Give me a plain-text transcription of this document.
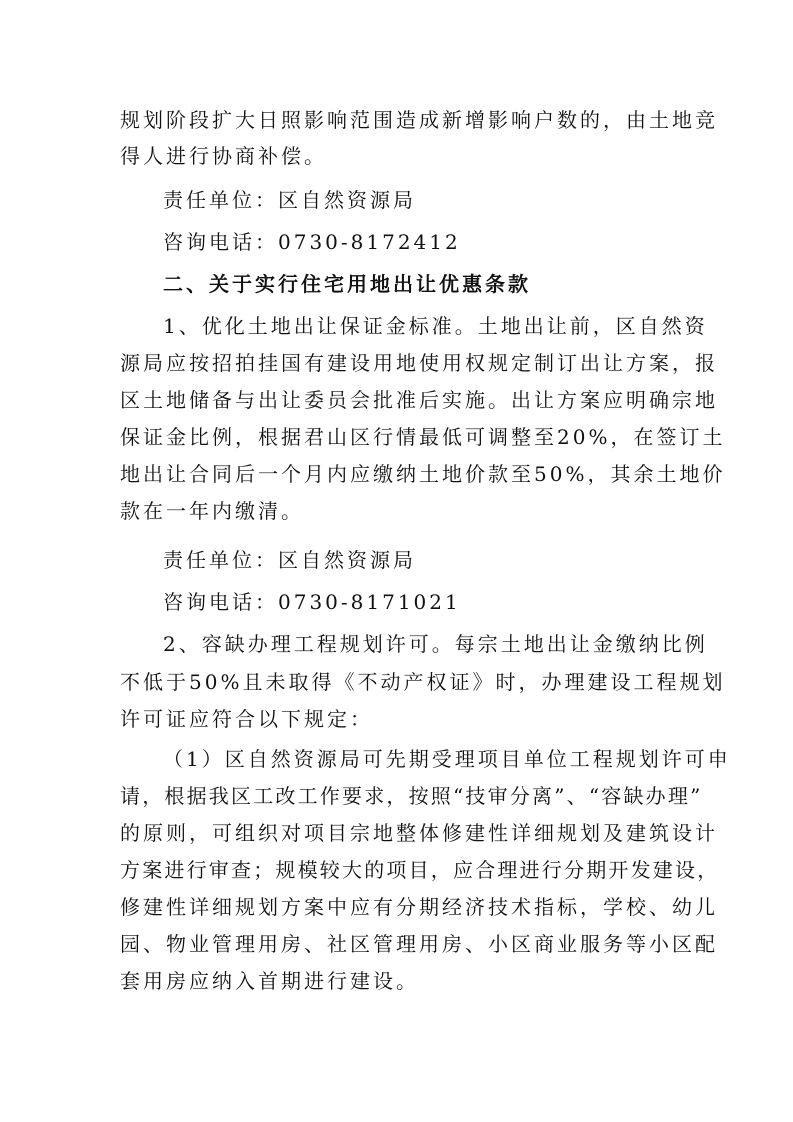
规划阶段扩大日照影响范围造成新增影响户数的，由土地竞
得人进行协商补偿。
责任单位：区自然资源局
咨询电话：0730-8172412
二、关于实行住宅用地出让优惠条款
1、优化土地出让保证金标准。土地出让前，区自然资
源局应按招拍挂国有建设用地使用权规定制订出让方案，报
区土地储备与出让委员会批准后实施。出让方案应明确宗地
保证金比例，根据君山区行情最低可调整至20%，在签订土
地出让合同后一个月内应缴纳土地价款至50%，其余土地价
款在一年内缴清。
责任单位：区自然资源局
咨询电话：0730-8171021
2、容缺办理工程规划许可。每宗土地出让金缴纳比例
不低于50%且未取得《不动产权证》时，办理建设工程规划
许可证应符合以下规定：
（1）区自然资源局可先期受理项目单位工程规划许可申
请，根据我区工改工作要求，按照“技审分离”、“容缺办理”
的原则，可组织对项目宗地整体修建性详细规划及建筑设计
方案进行审查；规模较大的项目，应合理进行分期开发建设，
修建性详细规划方案中应有分期经济技术指标，学校、幼儿
园、物业管理用房、社区管理用房、小区商业服务等小区配
套用房应纳入首期进行建设。
